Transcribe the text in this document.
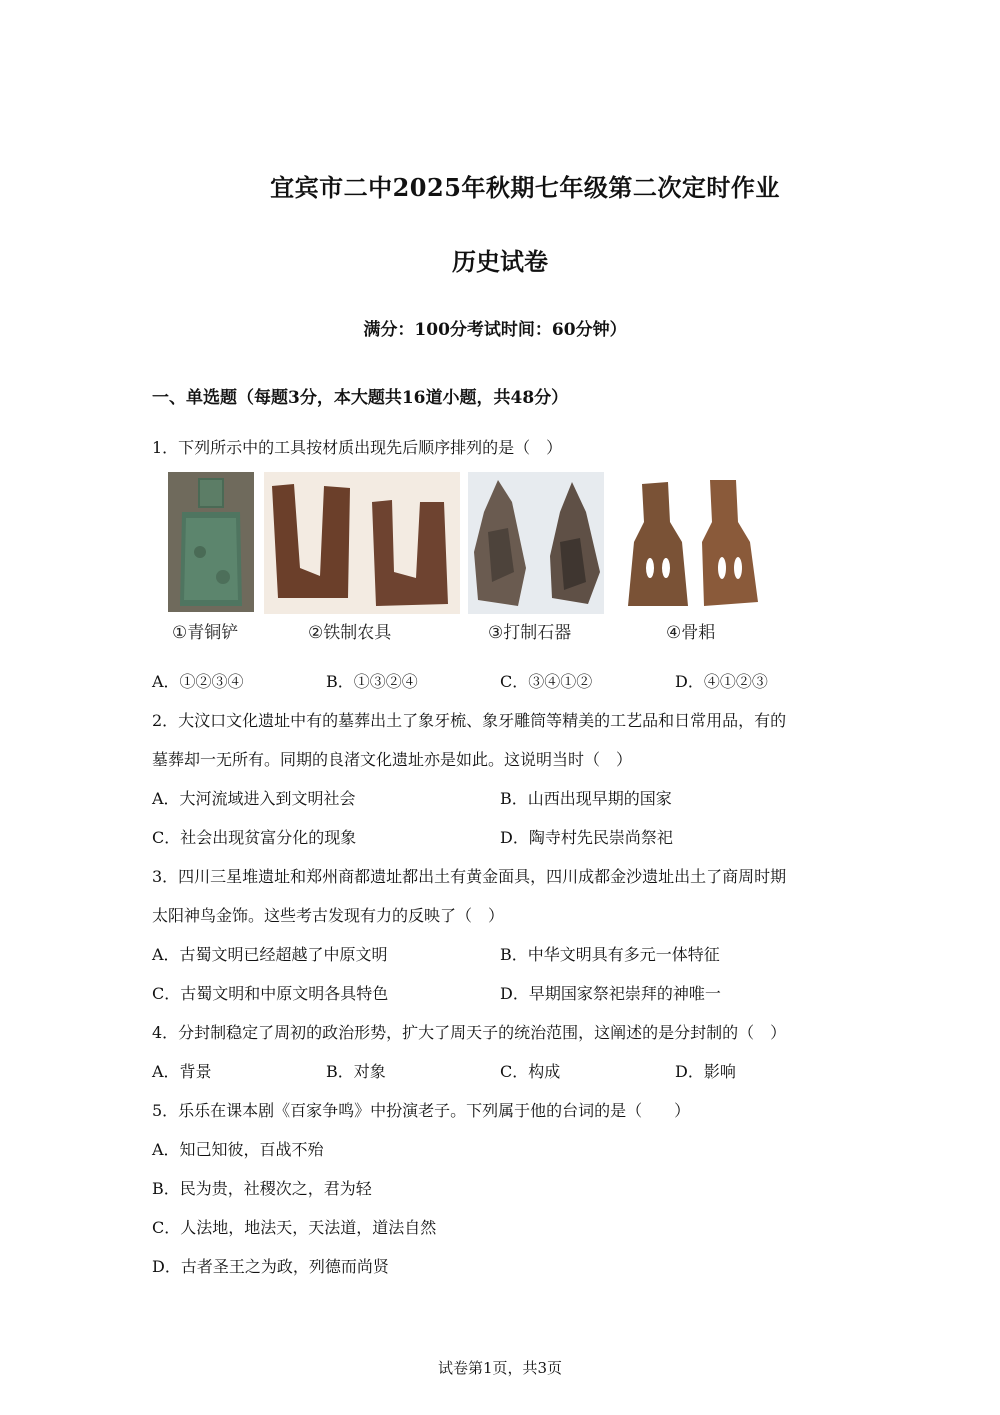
宜宾市二中2025年秋期七年级第二次定时作业
历史试卷
满分：100分考试时间：60分钟）
一、单选题（每题3分，本大题共16道小题，共48分）
1．下列所示中的工具按材质出现先后顺序排列的是（　）
①青铜铲	②铁制农具	③打制石器	④骨耜
A．①②③④	B．①③②④	C．③④①②	D．④①②③
2．大汶口文化遗址中有的墓葬出土了象牙梳、象牙雕筒等精美的工艺品和日常用品，有的
墓葬却一无所有。同期的良渚文化遗址亦是如此。这说明当时（　）
A．大河流域进入到文明社会	B．山西出现早期的国家
C．社会出现贫富分化的现象	D．陶寺村先民崇尚祭祀
3．四川三星堆遗址和郑州商都遗址都出土有黄金面具，四川成都金沙遗址出土了商周时期
太阳神鸟金饰。这些考古发现有力的反映了（　）
A．古蜀文明已经超越了中原文明	B．中华文明具有多元一体特征
C．古蜀文明和中原文明各具特色	D．早期国家祭祀崇拜的神唯一
4．分封制稳定了周初的政治形势，扩大了周天子的统治范围，这阐述的是分封制的（　）
A．背景	B．对象	C．构成	D．影响
5．乐乐在课本剧《百家争鸣》中扮演老子。下列属于他的台词的是（　　）
A．知己知彼，百战不殆
B．民为贵，社稷次之，君为轻
C．人法地，地法天，天法道，道法自然
D．古者圣王之为政，列德而尚贤
试卷第1页，共3页
